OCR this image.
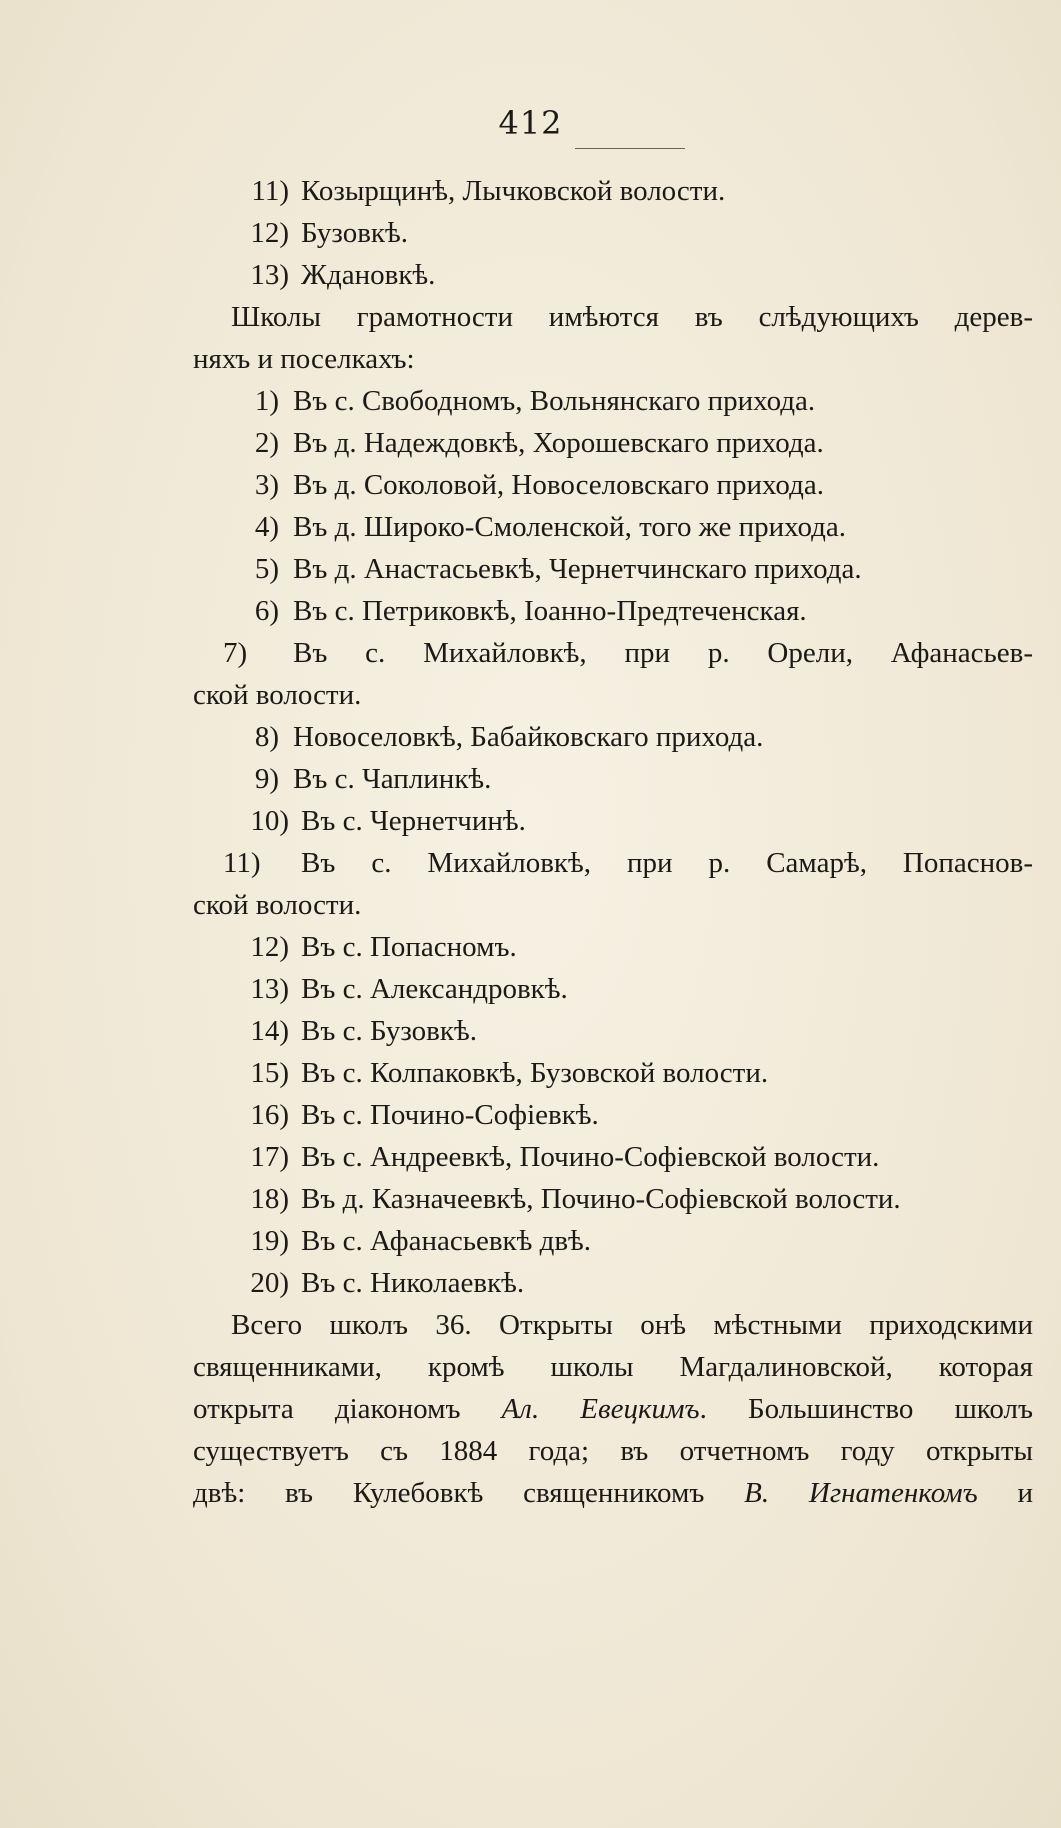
412
11) Козырщинѣ, Лычковской волости.
12) Бузовкѣ.
13) Ждановкѣ.
Школы грамотности имѣются въ слѣдующихъ дерев-
няхъ и поселкахъ:
1) Въ с. Свободномъ, Вольнянскаго прихода.
2) Въ д. Надеждовкѣ, Хорошевскаго прихода.
3) Въ д. Соколовой, Новоселовскаго прихода.
4) Въ д. Широко-Смоленской, того же прихода.
5) Въ д. Анастасьевкѣ, Чернетчинскаго прихода.
6) Въ с. Петриковкѣ, Іоанно-Предтеченская.
7) Въ с. Михайловкѣ, при р. Орели, Афанасьев-
ской волости.
8) Новоселовкѣ, Бабайковскаго прихода.
9) Въ с. Чаплинкѣ.
10) Въ с. Чернетчинѣ.
11) Въ с. Михайловкѣ, при р. Самарѣ, Попаснов-
ской волости.
12) Въ с. Попасномъ.
13) Въ с. Александровкѣ.
14) Въ с. Бузовкѣ.
15) Въ с. Колпаковкѣ, Бузовской волости.
16) Въ с. Почино-Софіевкѣ.
17) Въ с. Андреевкѣ, Почино-Софіевской волости.
18) Въ д. Казначеевкѣ, Почино-Софіевской волости.
19) Въ с. Афанасьевкѣ двѣ.
20) Въ с. Николаевкѣ.
Всего школъ 36. Открыты онѣ мѣстными приходскими
священниками, кромѣ школы Магдалиновской, которая
открыта діакономъ Ал. Евецкимъ. Большинство школъ
существуетъ съ 1884 года; въ отчетномъ году открыты
двѣ: въ Кулебовкѣ священникомъ В. Игнатенкомъ и
